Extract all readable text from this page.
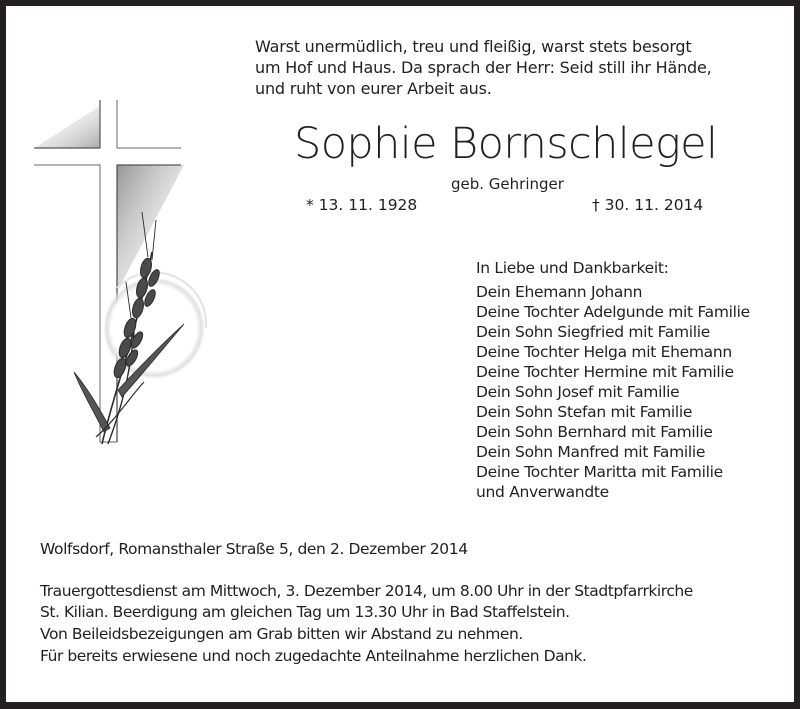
Warst unermüdlich, treu und fleißig, warst stets besorgt
um Hof und Haus. Da sprach der Herr: Seid still ihr Hände,
und ruht von eurer Arbeit aus.
Sophie Bornschlegel
geb. Gehringer
* 13. 11. 1928	† 30. 11. 2014
In Liebe und Dankbarkeit:
Dein Ehemann Johann
Deine Tochter Adelgunde mit Familie
Dein Sohn Siegfried mit Familie
Deine Tochter Helga mit Ehemann
Deine Tochter Hermine mit Familie
Dein Sohn Josef mit Familie
Dein Sohn Stefan mit Familie
Dein Sohn Bernhard mit Familie
Dein Sohn Manfred mit Familie
Deine Tochter Maritta mit Familie
und Anverwandte
Wolfsdorf, Romansthaler Straße 5, den 2. Dezember 2014
Trauergottesdienst am Mittwoch, 3. Dezember 2014, um 8.00 Uhr in der Stadtpfarrkirche
St. Kilian. Beerdigung am gleichen Tag um 13.30 Uhr in Bad Staffelstein.
Von Beileidsbezeigungen am Grab bitten wir Abstand zu nehmen.
Für bereits erwiesene und noch zugedachte Anteilnahme herzlichen Dank.
